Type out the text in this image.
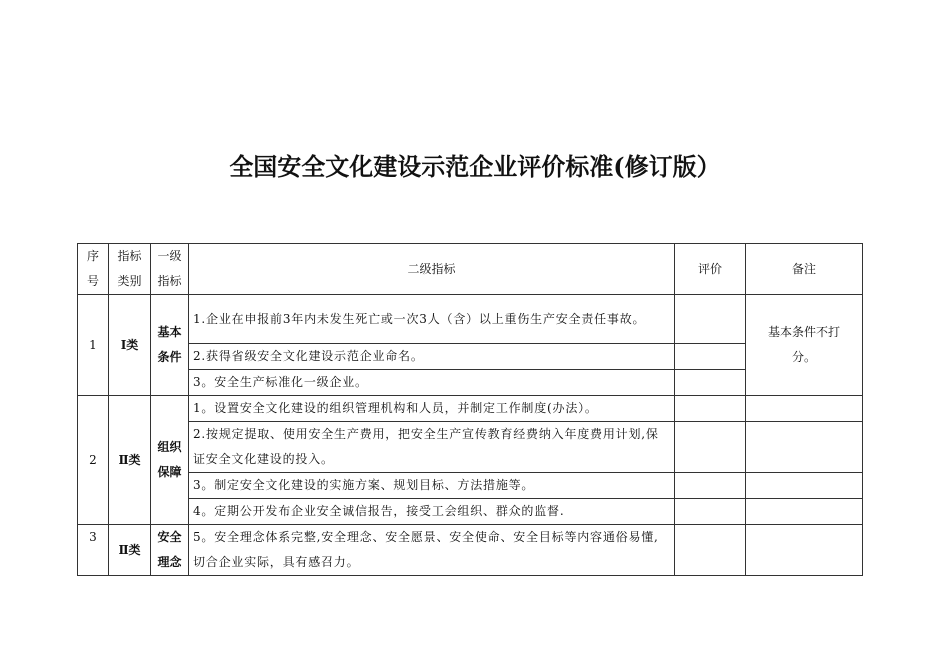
全国安全文化建设示范企业评价标准(修订版）
序号	指标类别	一级指标	二级指标	评价	备注
1	Ⅰ类	基本条件	1.企业在申报前3年内未发生死亡或一次3人（含）以上重伤生产安全责任事故。		基本条件不打分。
			2.获得省级安全文化建设示范企业命名。		
			3。安全生产标准化一级企业。		
2	Ⅱ类	组织保障	1。设置安全文化建设的组织管理机构和人员，并制定工作制度(办法）。		
			2.按规定提取、使用安全生产费用，把安全生产宣传教育经费纳入年度费用计划,保证安全文化建设的投入。		
			3。制定安全文化建设的实施方案、规划目标、方法措施等。		
			4。定期公开发布企业安全诚信报告，接受工会组织、群众的监督.		
3	Ⅱ类	安全理念	5。安全理念体系完整,安全理念、安全愿景、安全使命、安全目标等内容通俗易懂,切合企业实际，具有感召力。		
